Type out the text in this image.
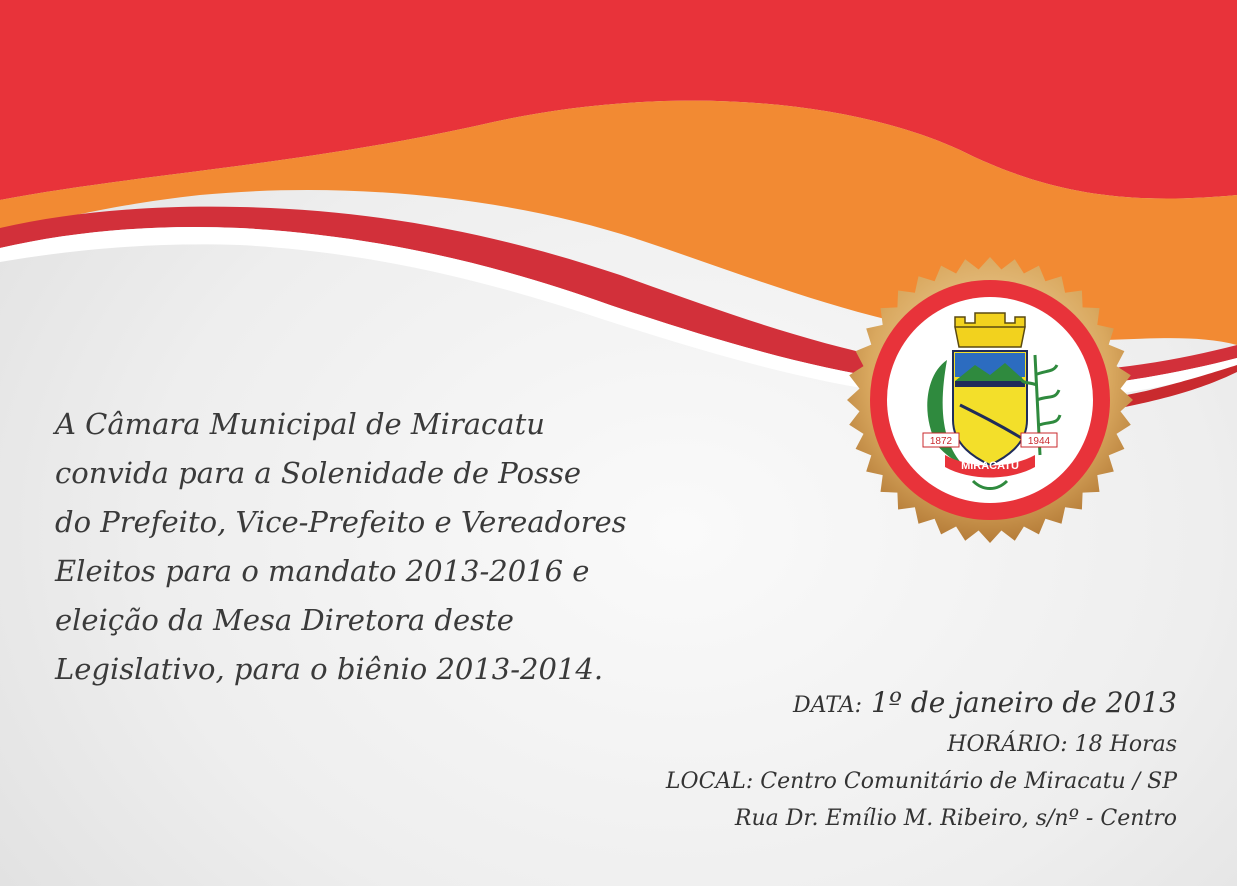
A Câmara Municipal de Miracatu
convida para a Solenidade de Posse
do Prefeito, Vice-Prefeito e Vereadores
Eleitos para o mandato 2013-2016 e
eleição da Mesa Diretora deste
Legislativo, para o biênio 2013-2014.
DATA: 1º de janeiro de 2013
HORÁRIO: 18 Horas
LOCAL: Centro Comunitário de Miracatu / SP
Rua Dr. Emílio M. Ribeiro, s/nº - Centro
1872	1944
MIRACATU
